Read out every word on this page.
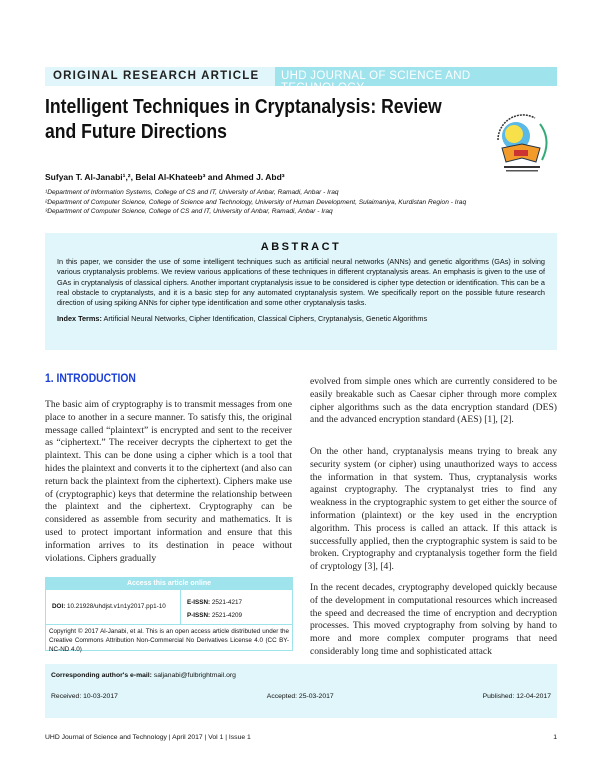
ORIGINAL RESEARCH ARTICLE	UHD JOURNAL OF SCIENCE AND TECHNOLOGY
Intelligent Techniques in Cryptanalysis: Review and Future Directions
Sufyan T. Al-Janabi¹,², Belal Al-Khateeb³ and Ahmed J. Abd³
¹Department of Information Systems, College of CS and IT, University of Anbar, Ramadi, Anbar - Iraq
²Department of Computer Science, College of Science and Technology, University of Human Development, Sulaimaniya, Kurdistan Region - Iraq
³Department of Computer Science, College of CS and IT, University of Anbar, Ramadi, Anbar - Iraq
ABSTRACT

In this paper, we consider the use of some intelligent techniques such as artificial neural networks (ANNs) and genetic algorithms (GAs) in solving various cryptanalysis problems. We review various applications of these techniques in different cryptanalysis areas. An emphasis is given to the use of GAs in cryptanalysis of classical ciphers. Another important cryptanalysis issue to be considered is cipher type detection or identification. This can be a real obstacle to cryptanalysts, and it is a basic step for any automated cryptanalysis system. We specifically report on the possible future research direction of using spiking ANNs for cipher type identification and some other cryptanalysis tasks.

Index Terms: Artificial Neural Networks, Cipher Identification, Classical Ciphers, Cryptanalysis, Genetic Algorithms

1. INTRODUCTION

The basic aim of cryptography is to transmit messages from one place to another in a secure manner. To satisfy this, the original message called “plaintext” is encrypted and sent to the receiver as “ciphertext.” The receiver decrypts the ciphertext to get the plaintext. This can be done using a cipher which is a tool that hides the plaintext and converts it to the ciphertext (and also can return back the plaintext from the ciphertext). Ciphers make use of (cryptographic) keys that determine the relationship between the plaintext and the ciphertext. Cryptography can be considered as assemble from security and mathematics. It is used to protect important information and ensure that this information arrives to its destination in peace without violations. Ciphers gradually

evolved from simple ones which are currently considered to be easily breakable such as Caesar cipher through more complex cipher algorithms such as the data encryption standard (DES) and the advanced encryption standard (AES) [1], [2].

On the other hand, cryptanalysis means trying to break any security system (or cipher) using unauthorized ways to access the information in that system. Thus, cryptanalysis works against cryptography. The cryptanalyst tries to find any weakness in the cryptographic system to get either the source of information (plaintext) or the key used in the encryption algorithm. This process is called an attack. If this attack is successfully applied, then the cryptographic system is said to be broken. Cryptography and cryptanalysis together form the field of cryptology [3], [4].

In the recent decades, cryptography developed quickly because of the development in computational resources which increased the speed and decreased the time of encryption and decryption processes. This moved cryptography from solving by hand to more and more complex computer programs that need considerably long time and sophisticated attack

Access this article online
DOI: 10.21928/uhdjst.v1n1y2017.pp1-10
E-ISSN: 2521-4217
P-ISSN: 2521-4209
Copyright © 2017 Al-Janabi, et al. This is an open access article distributed under the Creative Commons Attribution Non-Commercial No Derivatives License 4.0 (CC BY-NC-ND 4.0)
Corresponding author's e-mail: saljanabi@fulbrightmail.org
Received: 10-03-2017	Accepted: 25-03-2017	Published: 12-04-2017
UHD Journal of Science and Technology | April 2017 | Vol 1 | Issue 1	1
